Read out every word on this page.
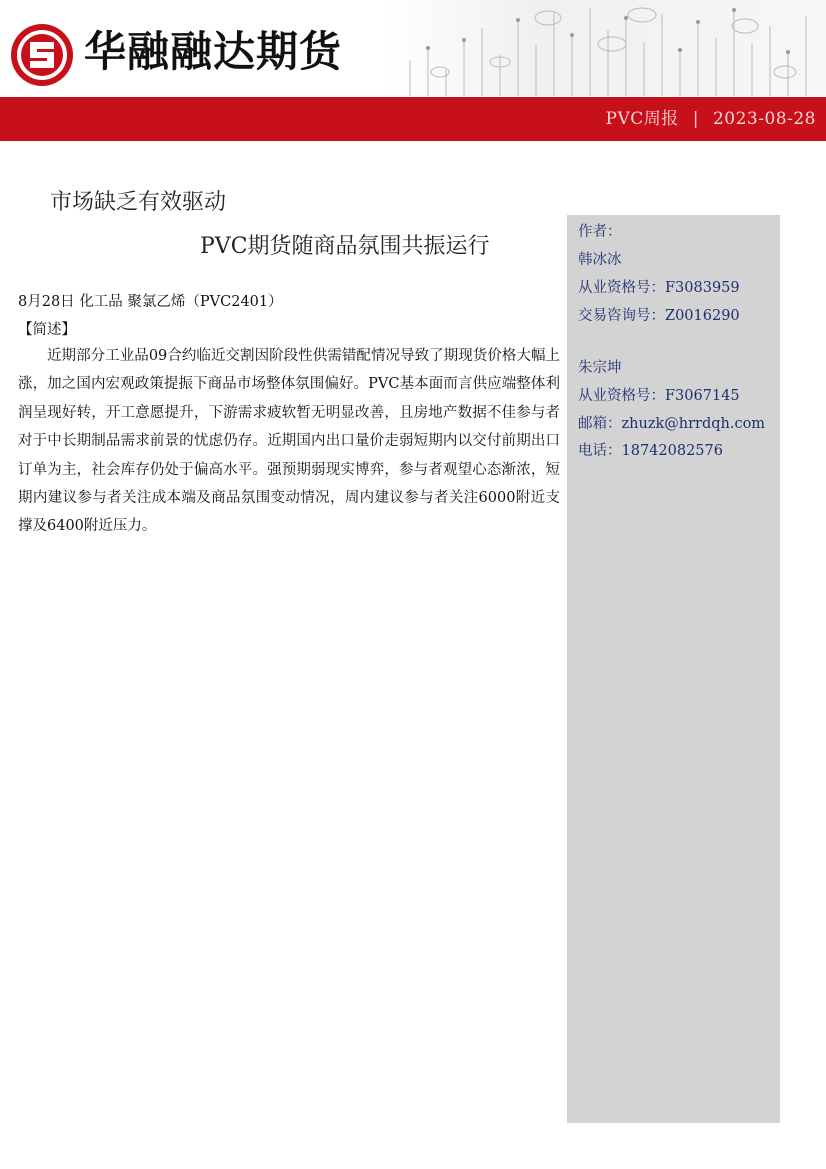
华融融达期货
PVC周报 | 2023-08-28
市场缺乏有效驱动
PVC期货随商品氛围共振运行
作者：
韩冰冰
从业资格号：F3083959
交易咨询号：Z0016290
朱宗坤
从业资格号：F3067145
邮箱：zhuzk@hrrdqh.com
电话：18742082576
8月28日 化工品 聚氯乙烯（PVC2401）
【简述】

近期部分工业品09合约临近交割因阶段性供需错配情况导致了期现货价格大幅上涨，加之国内宏观政策提振下商品市场整体氛围偏好。PVC基本面而言供应端整体利润呈现好转，开工意愿提升，下游需求疲软暂无明显改善，且房地产数据不佳参与者对于中长期制品需求前景的忧虑仍存。近期国内出口量价走弱短期内以交付前期出口订单为主，社会库存仍处于偏高水平。强预期弱现实博弈，参与者观望心态渐浓，短期内建议参与者关注成本端及商品氛围变动情况，周内建议参与者关注6000附近支撑及6400附近压力。
